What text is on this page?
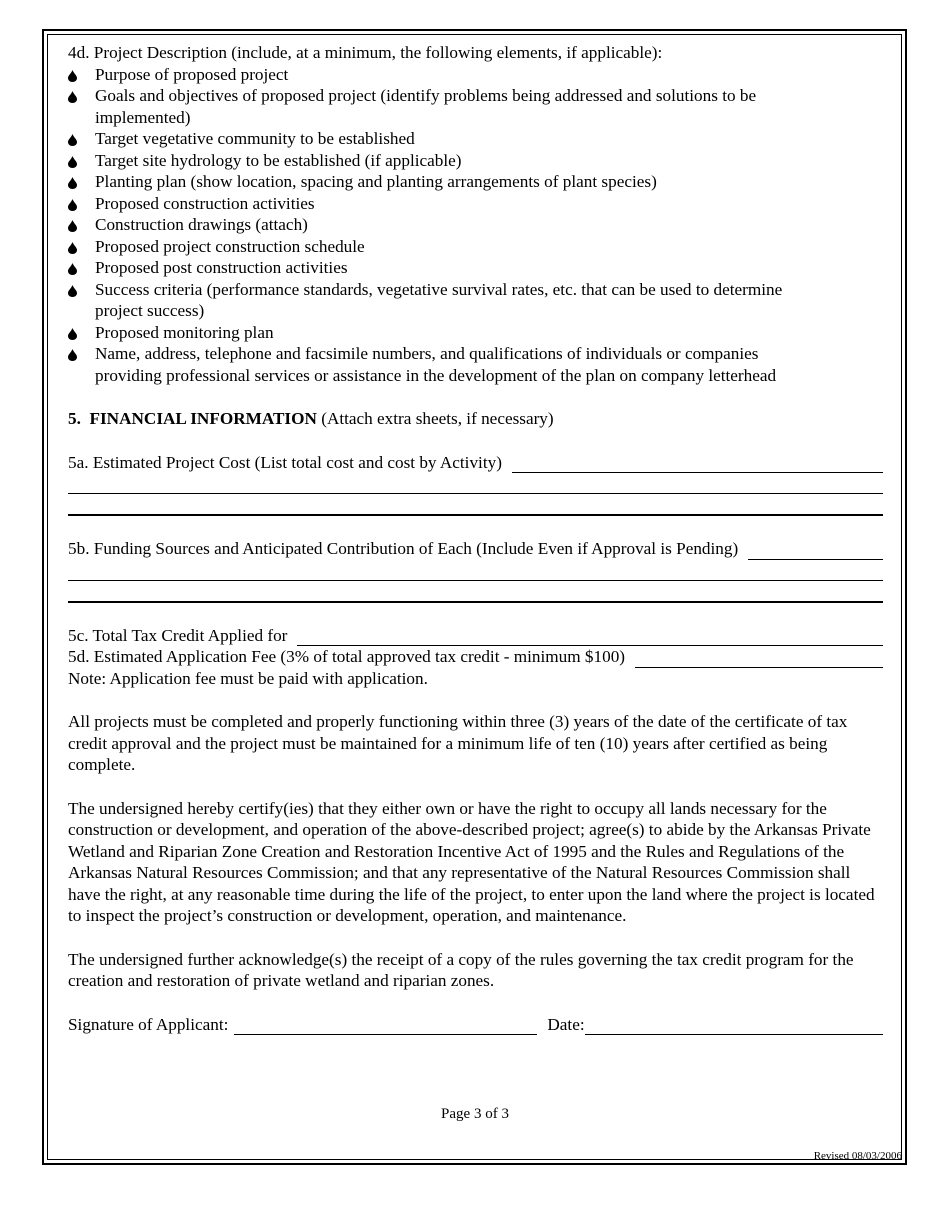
4d. Project Description (include, at a minimum, the following elements, if applicable):
Purpose of proposed project
Goals and objectives of proposed project (identify problems being addressed and solutions to be
implemented)
Target vegetative community to be established
Target site hydrology to be established (if applicable)
Planting plan (show location, spacing and planting arrangements of plant species)
Proposed construction activities
Construction drawings (attach)
Proposed project construction schedule
Proposed post construction activities
Success criteria (performance standards, vegetative survival rates, etc. that can be used to determine
project success)
Proposed monitoring plan
Name, address, telephone and facsimile numbers, and qualifications of individuals or companies
providing professional services or assistance in the development of the plan on company letterhead
5. FINANCIAL INFORMATION (Attach extra sheets, if necessary)
5a. Estimated Project Cost (List total cost and cost by Activity)
5b. Funding Sources and Anticipated Contribution of Each (Include Even if Approval is Pending)
5c. Total Tax Credit Applied for
5d. Estimated Application Fee (3% of total approved tax credit - minimum $100)
Note: Application fee must be paid with application.
All projects must be completed and properly functioning within three (3) years of the date of the certificate of tax credit approval and the project must be maintained for a minimum life of ten (10) years after certified as being complete.
The undersigned hereby certify(ies) that they either own or have the right to occupy all lands necessary for the construction or development, and operation of the above-described project; agree(s) to abide by the Arkansas Private Wetland and Riparian Zone Creation and Restoration Incentive Act of 1995 and the Rules and Regulations of the Arkansas Natural Resources Commission; and that any representative of the Natural Resources Commission shall have the right, at any reasonable time during the life of the project, to enter upon the land where the project is located to inspect the project’s construction or development, operation, and maintenance.
The undersigned further acknowledge(s) the receipt of a copy of the rules governing the tax credit program for the creation and restoration of private wetland and riparian zones.
Signature of Applicant:	Date:
Page 3 of 3
Revised 08/03/2006
